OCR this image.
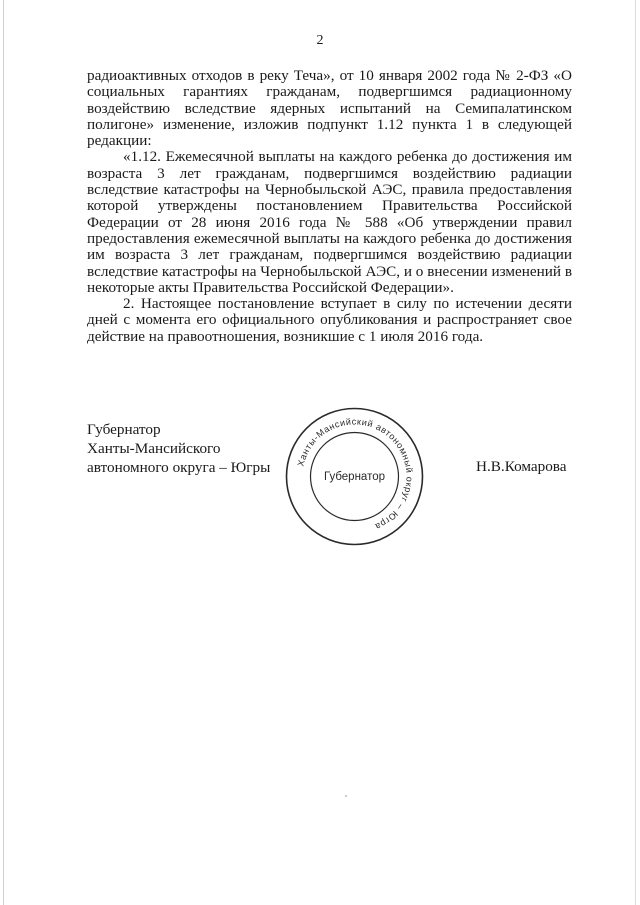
2

радиоактивных отходов в реку Теча», от 10 января 2002 года № 2-ФЗ «О социальных гарантиях гражданам, подвергшимся радиационному воздействию вследствие ядерных испытаний на Семипалатинском полигоне» изменение, изложив подпункт 1.12 пункта 1 в следующей редакции:

«1.12. Ежемесячной выплаты на каждого ребенка до достижения им возраста 3 лет гражданам, подвергшимся воздействию радиации вследствие катастрофы на Чернобыльской АЭС, правила предоставления которой утверждены постановлением Правительства Российской Федерации от 28 июня 2016 года № 588 «Об утверждении правил предоставления ежемесячной выплаты на каждого ребенка до достижения им возраста 3 лет гражданам, подвергшимся воздействию радиации вследствие катастрофы на Чернобыльской АЭС, и о внесении изменений в некоторые акты Правительства Российской Федерации».

2. Настоящее постановление вступает в силу по истечении десяти дней с момента его официального опубликования и распространяет свое действие на правоотношения, возникшие с 1 июля 2016 года.

Губернатор
Ханты-Мансийского
автономного округа – Югры	Ханты-Мансийский автономный округ – Югра
Губернатор
Н.В.Комарова
